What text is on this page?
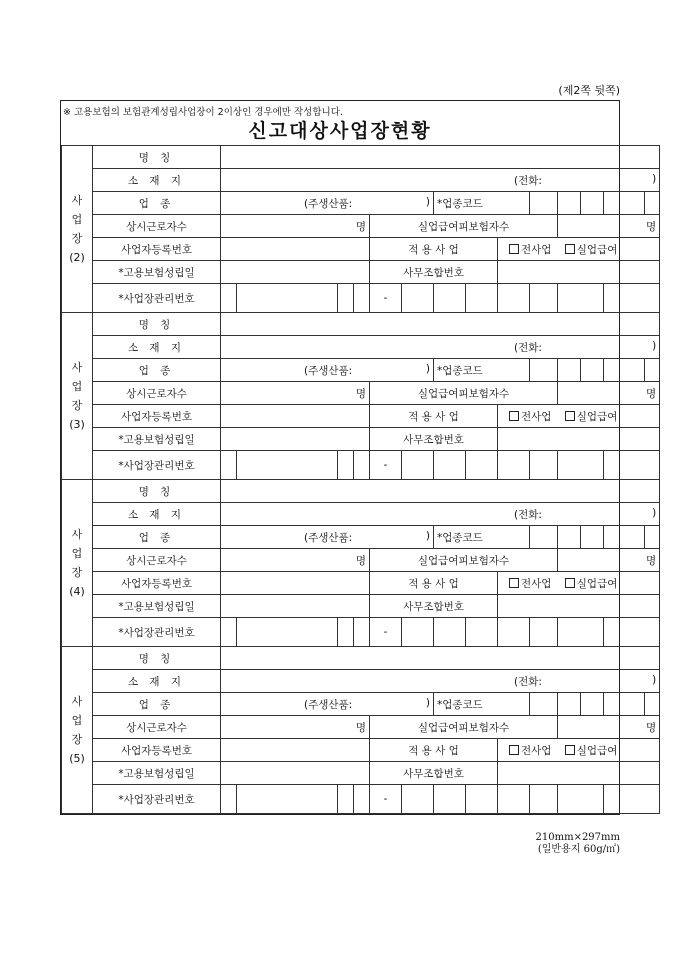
(제2쪽 뒷쪽)
※ 고용보험의 보험관계성립사업장이 2이상인 경우에만 작성합니다.
신고대상사업장현황
사 업 장 (2)	명 칭														
	소 재 지	(전화: )													

	업 종	(주생산품: )						*업종코드							
	상시근로자수	명				실업급여피보험자수						명			
	사업자등록번호					적 용 사 업				전사업 실업급여					
	*고용보험성립일					사무조합번호									
	*사업장관리번호					-									
사 업 장 (3)	명 칭														
	소 재 지	(전화: )													

	업 종	(주생산품: )						*업종코드							
	상시근로자수	명				실업급여피보험자수						명			
	사업자등록번호					적 용 사 업				전사업 실업급여					
	*고용보험성립일					사무조합번호									
	*사업장관리번호					-									
사 업 장 (4)	명 칭														
	소 재 지	(전화: )													

	업 종	(주생산품: )						*업종코드							
	상시근로자수	명				실업급여피보험자수						명			
	사업자등록번호					적 용 사 업				전사업 실업급여					
	*고용보험성립일					사무조합번호									
	*사업장관리번호					-									
사 업 장 (5)	명 칭														
	소 재 지	(전화: )													

	업 종	(주생산품: )						*업종코드							
	상시근로자수	명				실업급여피보험자수						명			
	사업자등록번호					적 용 사 업				전사업 실업급여					
	*고용보험성립일					사무조합번호									
	*사업장관리번호					-									
210mm×297mm
(일반용지 60g/㎡)
